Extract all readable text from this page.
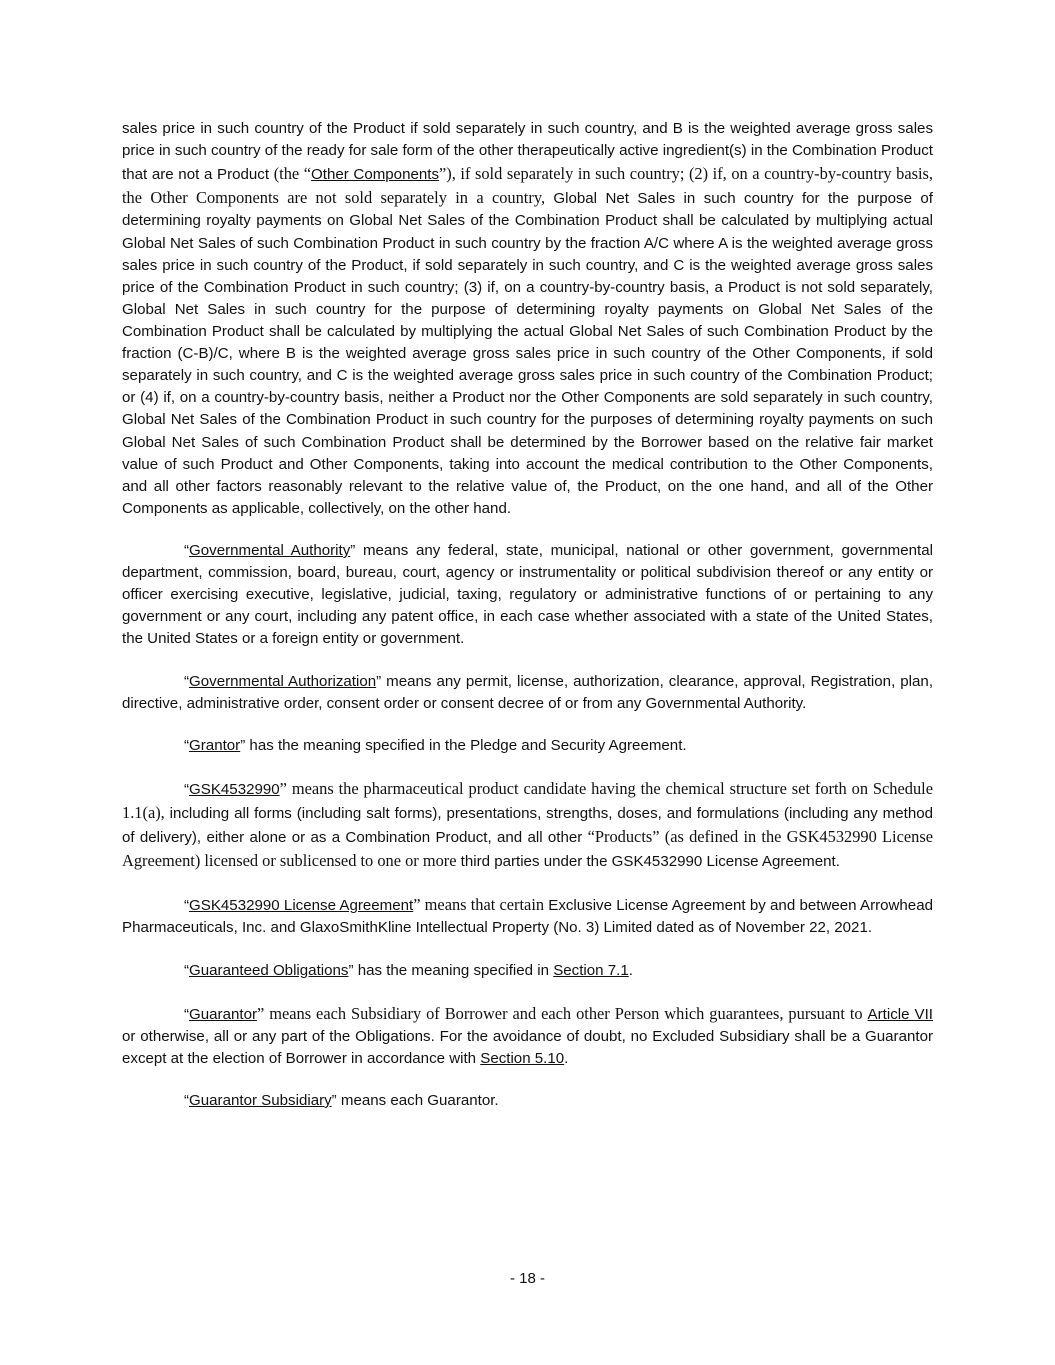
sales price in such country of the Product if sold separately in such country, and B is the weighted average gross sales price in such country of the ready for sale form of the other therapeutically active ingredient(s) in the Combination Product that are not a Product (the “Other Components”), if sold separately in such country; (2) if, on a country-by-country basis, the Other Components are not sold separately in a country, Global Net Sales in such country for the purpose of determining royalty payments on Global Net Sales of the Combination Product shall be calculated by multiplying actual Global Net Sales of such Combination Product in such country by the fraction A/C where A is the weighted average gross sales price in such country of the Product, if sold separately in such country, and C is the weighted average gross sales price of the Combination Product in such country; (3) if, on a country-by-country basis, a Product is not sold separately, Global Net Sales in such country for the purpose of determining royalty payments on Global Net Sales of the Combination Product shall be calculated by multiplying the actual Global Net Sales of such Combination Product by the fraction (C-B)/C, where B is the weighted average gross sales price in such country of the Other Components, if sold separately in such country, and C is the weighted average gross sales price in such country of the Combination Product; or (4) if, on a country-by-country basis, neither a Product nor the Other Components are sold separately in such country, Global Net Sales of the Combination Product in such country for the purposes of determining royalty payments on such Global Net Sales of such Combination Product shall be determined by the Borrower based on the relative fair market value of such Product and Other Components, taking into account the medical contribution to the Other Components, and all other factors reasonably relevant to the relative value of, the Product, on the one hand, and all of the Other Components as applicable, collectively, on the other hand.

“Governmental Authority” means any federal, state, municipal, national or other government, governmental department, commission, board, bureau, court, agency or instrumentality or political subdivision thereof or any entity or officer exercising executive, legislative, judicial, taxing, regulatory or administrative functions of or pertaining to any government or any court, including any patent office, in each case whether associated with a state of the United States, the United States or a foreign entity or government.

“Governmental Authorization” means any permit, license, authorization, clearance, approval, Registration, plan, directive, administrative order, consent order or consent decree of or from any Governmental Authority.

“Grantor” has the meaning specified in the Pledge and Security Agreement.

“GSK4532990” means the pharmaceutical product candidate having the chemical structure set forth on Schedule 1.1(a), including all forms (including salt forms), presentations, strengths, doses, and formulations (including any method of delivery), either alone or as a Combination Product, and all other “Products” (as defined in the GSK4532990 License Agreement) licensed or sublicensed to one or more third parties under the GSK4532990 License Agreement.

“GSK4532990 License Agreement” means that certain Exclusive License Agreement by and between Arrowhead Pharmaceuticals, Inc. and GlaxoSmithKline Intellectual Property (No. 3) Limited dated as of November 22, 2021.

“Guaranteed Obligations” has the meaning specified in Section 7.1.

“Guarantor” means each Subsidiary of Borrower and each other Person which guarantees, pursuant to Article VII or otherwise, all or any part of the Obligations. For the avoidance of doubt, no Excluded Subsidiary shall be a Guarantor except at the election of Borrower in accordance with Section 5.10.

“Guarantor Subsidiary” means each Guarantor.

- 18 -
